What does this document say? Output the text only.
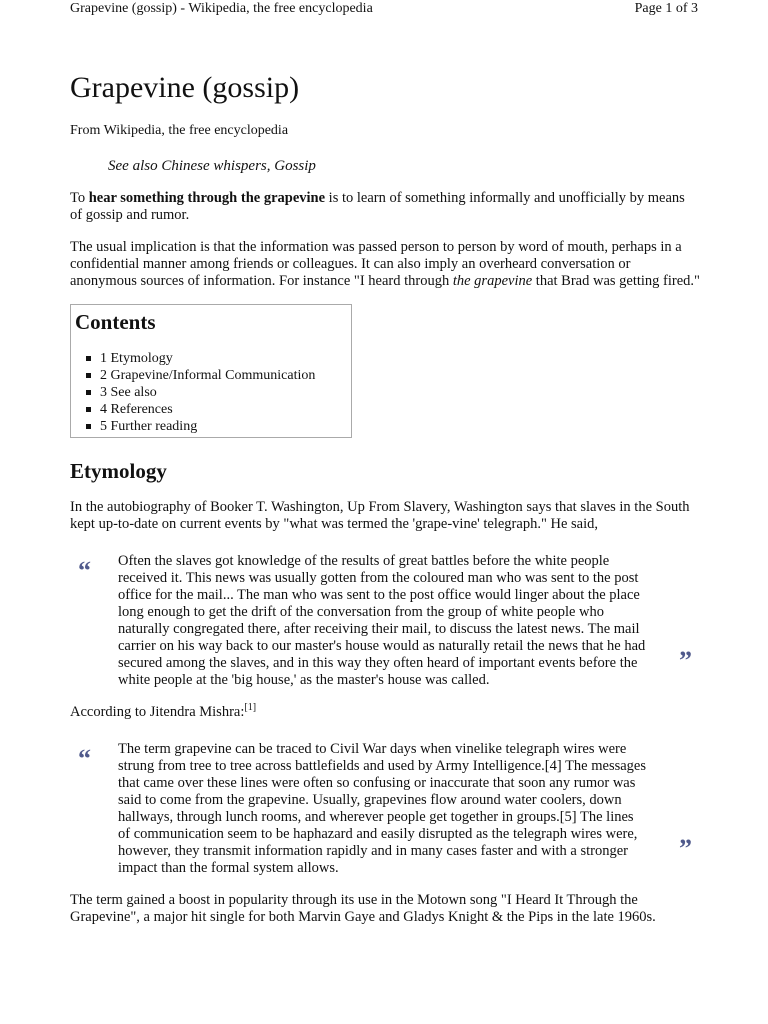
Grapevine (gossip) - Wikipedia, the free encyclopedia	Page 1 of 3
Grapevine (gossip)
From Wikipedia, the free encyclopedia
See also Chinese whispers, Gossip

To hear something through the grapevine is to learn of something informally and unofficially by means of gossip and rumor.

The usual implication is that the information was passed person to person by word of mouth, perhaps in a confidential manner among friends or colleagues. It can also imply an overheard conversation or anonymous sources of information. For instance "I heard through the grapevine that Brad was getting fired."

Contents
1 Etymology
2 Grapevine/Informal Communication
3 See also
4 References
5 Further reading
Etymology

In the autobiography of Booker T. Washington, Up From Slavery, Washington says that slaves in the South kept up-to-date on current events by "what was termed the 'grape-vine' telegraph." He said,

“ Often the slaves got knowledge of the results of great battles before the white people received it. This news was usually gotten from the coloured man who was sent to the post office for the mail... The man who was sent to the post office would linger about the place long enough to get the drift of the conversation from the group of white people who naturally congregated there, after receiving their mail, to discuss the latest news. The mail carrier on his way back to our master's house would as naturally retail the news that he had secured among the slaves, and in this way they often heard of important events before the white people at the 'big house,' as the master's house was called.
”

According to Jitendra Mishra:[1]

“ The term grapevine can be traced to Civil War days when vinelike telegraph wires were strung from tree to tree across battlefields and used by Army Intelligence.[4] The messages that came over these lines were often so confusing or inaccurate that soon any rumor was said to come from the grapevine. Usually, grapevines flow around water coolers, down hallways, through lunch rooms, and wherever people get together in groups.[5] The lines of communication seem to be haphazard and easily disrupted as the telegraph wires were, however, they transmit information rapidly and in many cases faster and with a stronger impact than the formal system allows.
”

The term gained a boost in popularity through its use in the Motown song "I Heard It Through the Grapevine", a major hit single for both Marvin Gaye and Gladys Knight & the Pips in the late 1960s.
